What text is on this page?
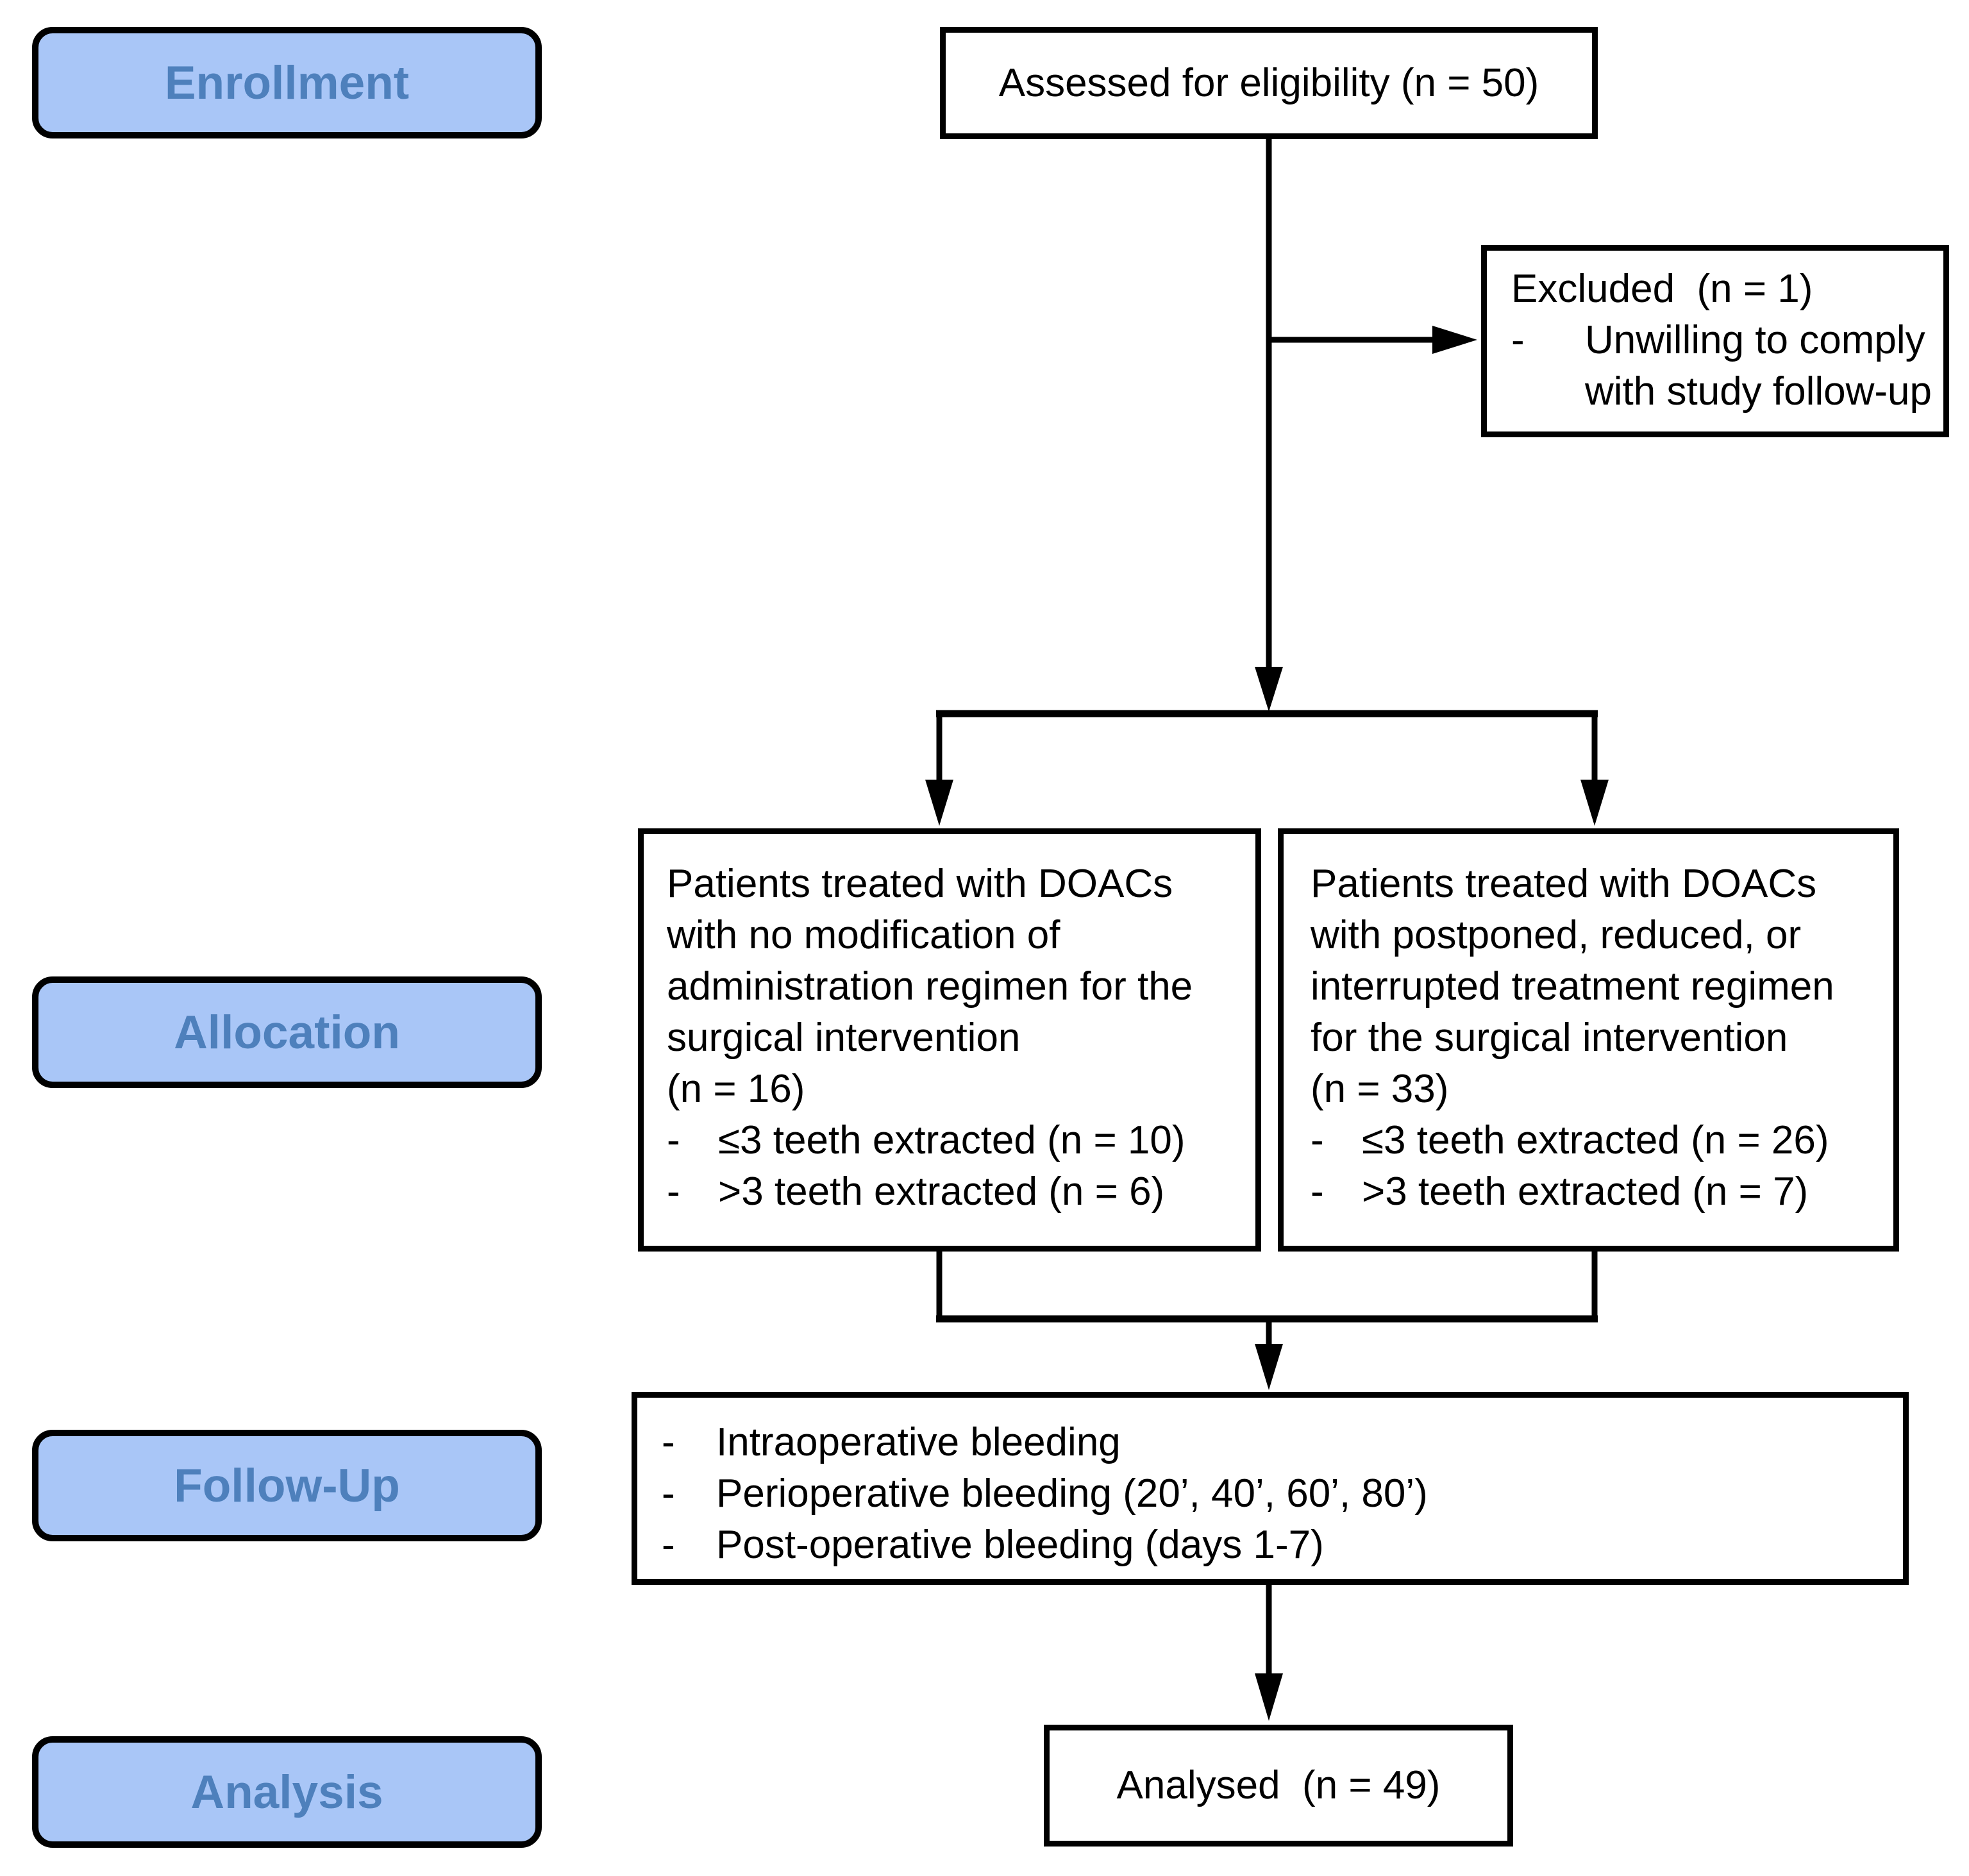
Enrollment
Allocation
Follow-Up
Analysis
Assessed for eligibility (n = 50)
Excluded  (n = 1)
-	Unwilling to comply with study follow-up
Patients treated with DOACs
with no modification of
administration regimen for the
surgical intervention
(n = 16)
- ≤3 teeth extracted (n = 10)
- >3 teeth extracted (n = 6)
Patients treated with DOACs
with postponed, reduced, or
interrupted treatment regimen
for the surgical intervention
(n = 33)
- ≤3 teeth extracted (n = 26)
- >3 teeth extracted (n = 7)
-	Intraoperative bleeding
-	Perioperative bleeding (20’, 40’, 60’, 80’)
-	Post-operative bleeding (days 1-7)
Analysed  (n = 49)
